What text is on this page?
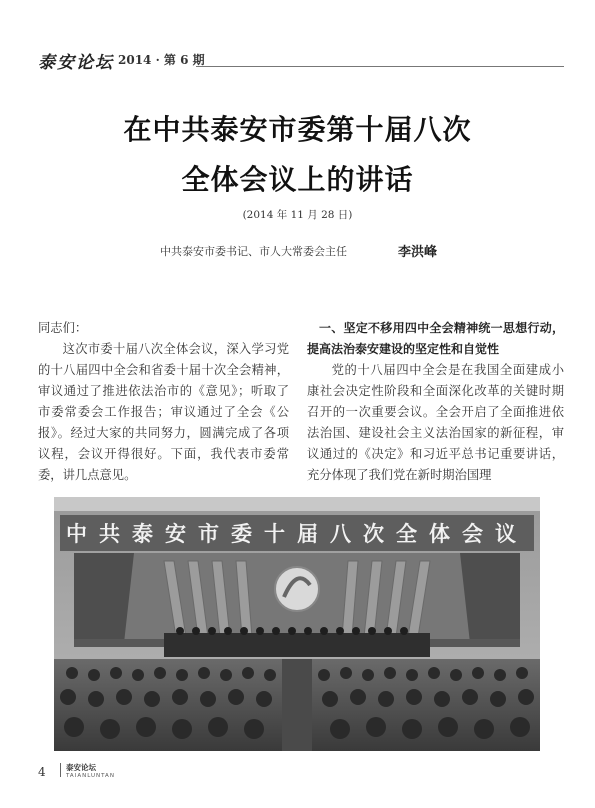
泰安论坛 2014 · 第 6 期
在中共泰安市委第十届八次
全体会议上的讲话
(2014 年 11 月 28 日)
中共泰安市委书记、市人大常委会主任	李洪峰

同志们：

这次市委十届八次全体会议，深入学习党的十八届四中全会和省委十届十次全会精神，审议通过了推进依法治市的《意见》；听取了市委常委会工作报告；审议通过了全会《公报》。经过大家的共同努力，圆满完成了各项议程，会议开得很好。下面，我代表市委常委，讲几点意见。

一、坚定不移用四中全会精神统一思想行动，提高法治泰安建设的坚定性和自觉性

党的十八届四中全会是在我国全面建成小康社会决定性阶段和全面深化改革的关键时期召开的一次重要会议。全会开启了全面推进依法治国、建设社会主义法治国家的新征程，审议通过的《决定》和习近平总书记重要讲话，充分体现了我们党在新时期治国理

中共泰安市委十届八次全体会议
4	泰安论坛
TAIANLUNTAN
